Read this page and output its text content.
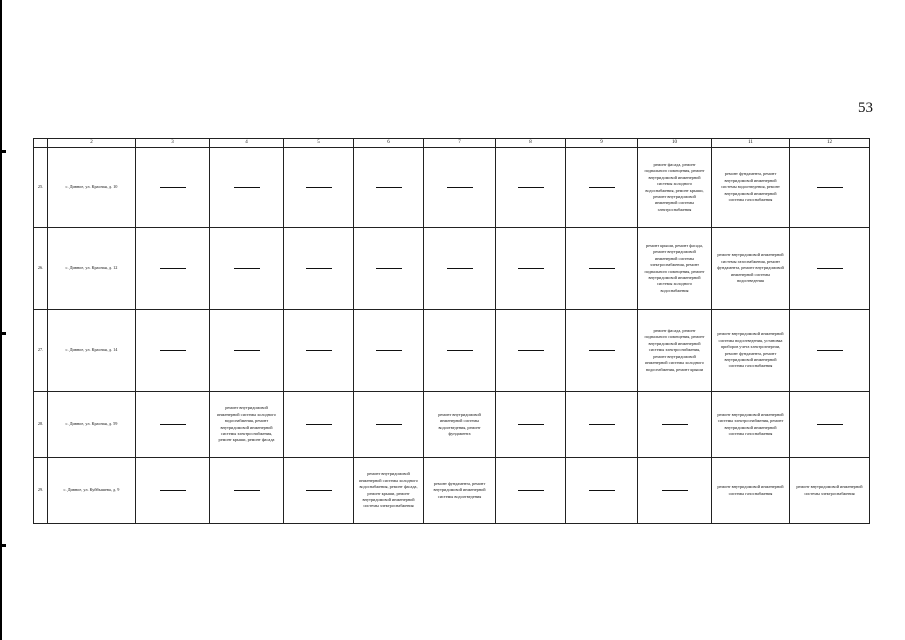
53
	2	3	4	5	6	7	8	9	10	11	12
25.	с. Дивное, ул. Красная, д. 10								ремонт фасада, ремонт подвального помещения, ремонт внутридомовой инженерной системы холодного водоснабжения, ремонт крыши, ремонт внутридомовой инженерной системы электроснабжения	ремонт фундамента, ремонт внутридомовой инженерной системы водоотведения, ремонт внутридомовой инженерной системы газоснабжения	

26.	с. Дивное, ул. Красная, д. 12								ремонт крыши, ремонт фасада, ремонт внутридомовой инженерной системы электроснабжения, ремонт подвального помещения, ремонт внутридомовой инженерной системы холодного водоснабжения	ремонт внутридомовой инженерной системы газоснабжения, ремонт фундамента, ремонт внутридомовой инженерной системы водоотведения	

27.	с. Дивное, ул. Красная, д. 14								ремонт фасада, ремонт подвального помещения, ремонт внутридомовой инженерной системы электроснабжения, ремонт внутридомовой инженерной системы холодного водоснабжения, ремонт крыши	ремонт внутридомовой инженерной системы водоотведения, установка приборов учета электроэнергии, ремонт фундамента, ремонт внутридомовой инженерной системы газоснабжения	

28.	с. Дивное, ул. Красная, д. 59		ремонт внутридомовой инженерной системы холодного водоснабжения, ремонт внутридомовой инженерной системы электроснабжения, ремонт крыши, ремонт фасада			ремонт внутридомовой инженерной системы водоотведения, ремонт фундамента				ремонт внутридомовой инженерной системы электроснабжения, ремонт внутридомовой инженерной системы газоснабжения	

29.	с. Дивное, ул. Куйбышева, д. 9				ремонт внутридомовой инженерной системы холодного водоснабжения, ремонт фасада, ремонт крыши, ремонт внутридомовой инженерной системы электроснабжения	ремонт фундамента, ремонт внутридомовой инженерной системы водоотведения				ремонт внутридомовой инженерной системы газоснабжения	ремонт внутридомовой инженерной системы электроснабжения
